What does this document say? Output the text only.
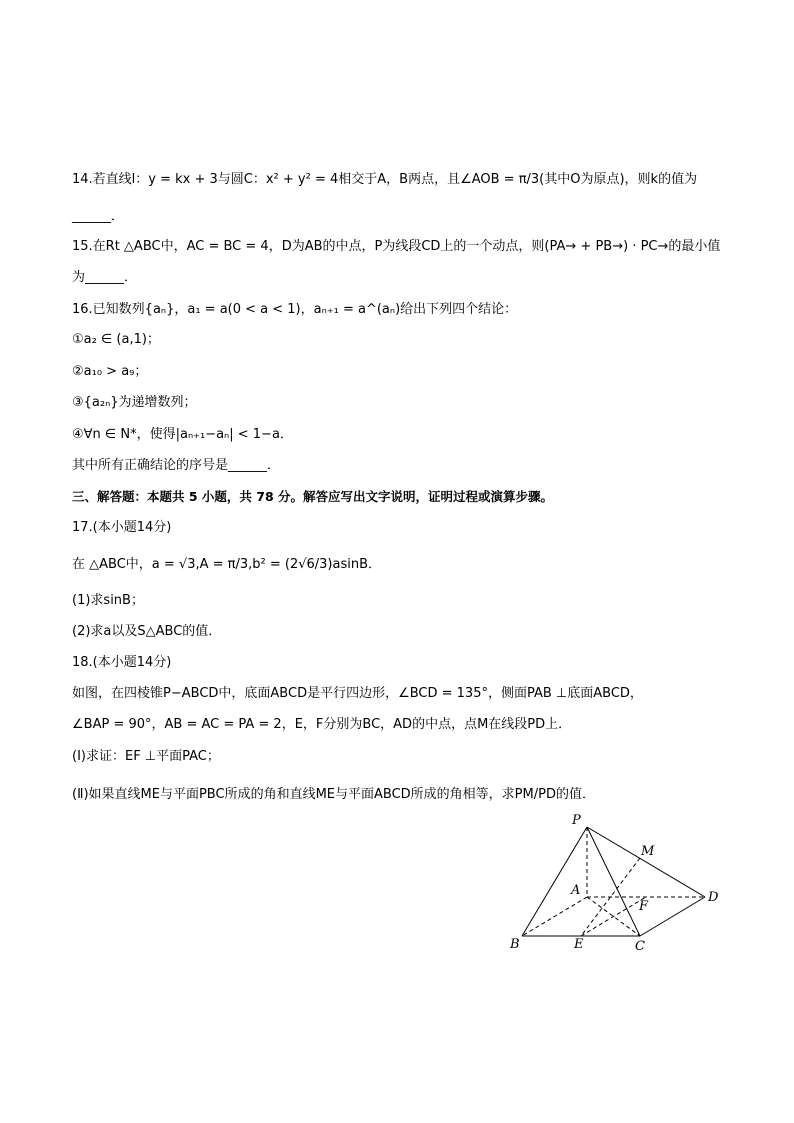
14.若直线l：y = kx + 3与圆C：x² + y² = 4相交于A，B两点，且∠AOB = π/3(其中O为原点)，则k的值为
______．
15.在Rt △ABC中，AC = BC = 4，D为AB的中点，P为线段CD上的一个动点，则(PA→ + PB→) · PC→的最小值
为______．
16.已知数列{aₙ}，a₁ = a(0 < a < 1)，aₙ₊₁ = a^(aₙ)给出下列四个结论：
①a₂ ∈ (a,1)；
②a₁₀ > a₉；
③{a₂ₙ}为递增数列；
④∀n ∈ N*，使得|aₙ₊₁−aₙ| < 1−a．
其中所有正确结论的序号是______．
三、解答题：本题共 5 小题，共 78 分。解答应写出文字说明，证明过程或演算步骤。
17.(本小题14分)
在 △ABC中，a = √3,A = π/3,b² = (2√6/3)asinB．
(1)求sinB；
(2)求a以及S△ABC的值．
18.(本小题14分)
如图，在四棱锥P−ABCD中，底面ABCD是平行四边形，∠BCD = 135°，侧面PAB ⊥底面ABCD，
∠BAP = 90°，AB = AC = PA = 2，E，F分别为BC，AD的中点，点M在线段PD上．
(Ⅰ)求证：EF ⊥平面PAC；
(Ⅱ)如果直线ME与平面PBC所成的角和直线ME与平面ABCD所成的角相等，求PM/PD的值．
P
M
A
F
D
B	E	C
